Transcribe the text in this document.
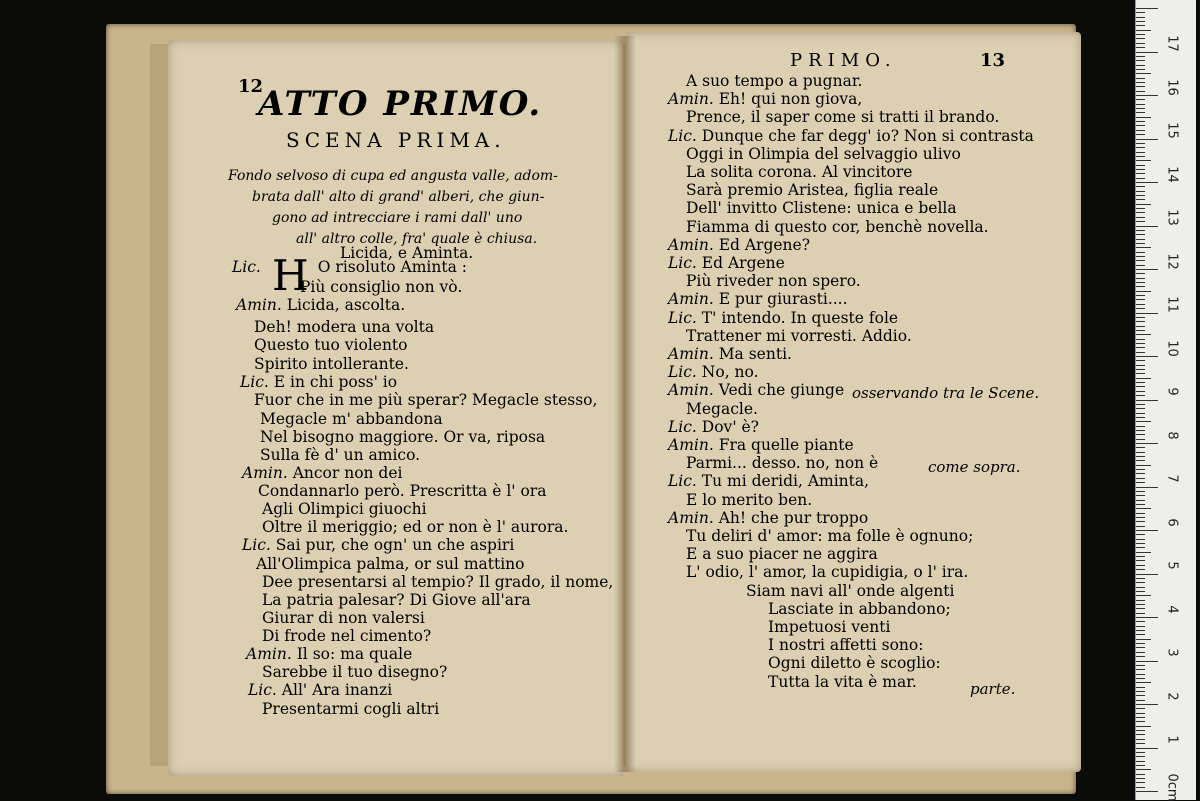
12
ATTO PRIMO.
SCENA PRIMA.
Fondo selvoso di cupa ed angusta valle, adom-
brata dall' alto di grand' alberi, che giun-
gono ad intrecciare i rami dall' uno
all' altro colle, fra' quale è chiusa.
Licida, e Aminta.
H
Lic.	O risoluto Aminta :
Più consiglio non vò.
Amin. Licida, ascolta.
Deh! modera una volta
Questo tuo violento
Spirito intollerante.
Lic. E in chi poss' io
Fuor che in me più sperar? Megacle stesso,
Megacle m' abbandona
Nel bisogno maggiore. Or va, riposa
Sulla fè d' un amico.
Amin. Ancor non dei
Condannarlo però. Prescritta è l' ora
Agli Olimpici giuochi
Oltre il meriggio; ed or non è l' aurora.
Lic. Sai pur, che ogn' un che aspiri
All'Olimpica palma, or sul mattino
Dee presentarsi al tempio? Il grado, il nome,
La patria palesar? Di Giove all'ara
Giurar di non valersi
Di frode nel cimento?
Amin. Il so: ma quale
Sarebbe il tuo disegno?
Lic. All' Ara inanzi
Presentarmi cogli altri
PRIMO.	13
A suo tempo a pugnar.
Amin. Eh! qui non giova,
Prence, il saper come si tratti il brando.
Lic. Dunque che far degg' io? Non si contrasta
Oggi in Olimpia del selvaggio ulivo
La solita corona. Al vincitore
Sarà premio Aristea, figlia reale
Dell' invitto Clistene: unica e bella
Fiamma di questo cor, benchè novella.
Amin. Ed Argene?
Lic. Ed Argene
Più riveder non spero.
Amin. E pur giurasti....
Lic. T' intendo. In queste fole
Trattener mi vorresti. Addio.
Amin. Ma senti.
Lic. No, no.
Amin. Vedi che giunge
Megacle.
Lic. Dov' è?
Amin. Fra quelle piante
Parmi... desso. no, non è
Lic. Tu mi deridi, Aminta,
E lo merito ben.
Amin. Ah! che pur troppo
Tu deliri d' amor: ma folle è ognuno;
E a suo piacer ne aggira
L' odio, l' amor, la cupidigia, o l' ira.
Siam navi all' onde algenti
Lasciate in abbandono;
Impetuosi venti
I nostri affetti sono:
Ogni diletto è scoglio:
Tutta la vita è mar.
osservando tra le Scene.
come sopra.
parte.
17
16
15
14
13
12
11
10
9
8
7
6
5
4
3
2
1
0cm
